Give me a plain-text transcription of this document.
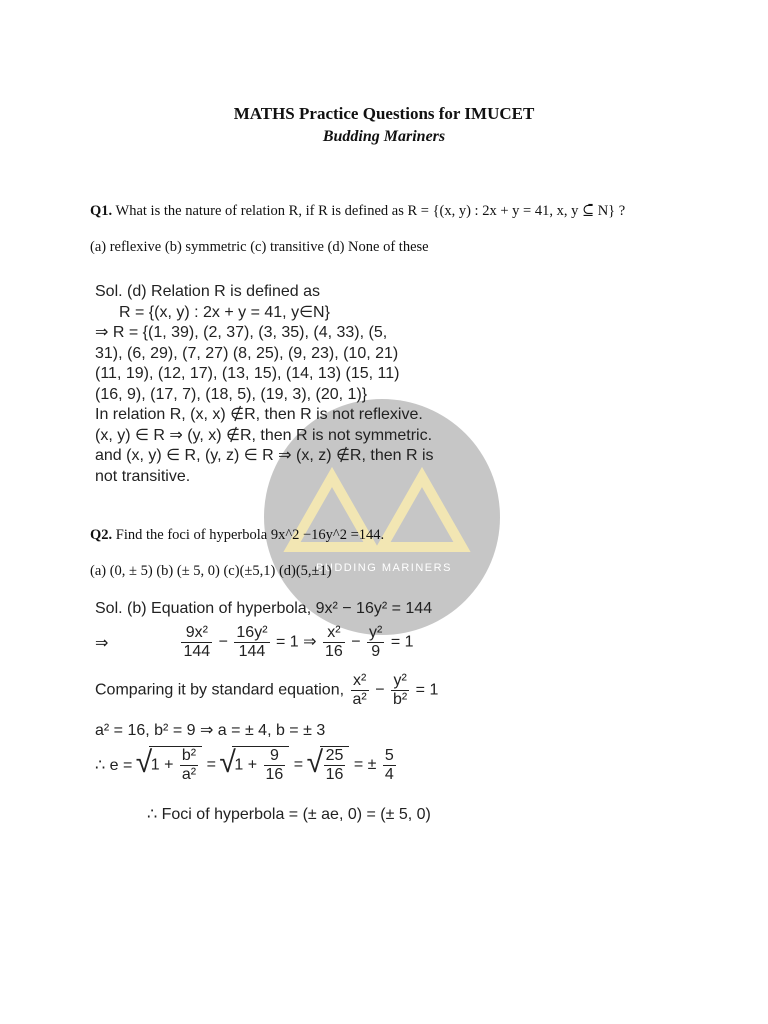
BUDDING MARINERS
MATHS Practice Questions for IMUCET
Budding Mariners
Q1. What is the nature of relation R, if R is defined as R = {(x, y) : 2x + y = 41, x, y ⊆̄ N} ?
(a) reflexive (b) symmetric (c) transitive (d) None of these
Sol. (d) Relation R is defined as
R = {(x, y) : 2x + y = 41, y∈N}
⇒ R = {(1, 39), (2, 37), (3, 35), (4, 33), (5,
31), (6, 29), (7, 27) (8, 25), (9, 23), (10, 21)
(11, 19), (12, 17), (13, 15), (14, 13) (15, 11)
(16, 9), (17, 7), (18, 5), (19, 3), (20, 1)}
In relation R, (x, x) ∉R, then R is not reflexive.
(x, y) ∈ R ⇒ (y, x) ∉R, then R is not symmetric.
and (x, y) ∈ R, (y, z) ∈ R ⇒ (x, z) ∉R, then R is
not transitive.
Q2. Find the foci of hyperbola 9x^2 −16y^2 =144.
(a) (0, ± 5) (b) (± 5, 0) (c)(±5,1) (d)(5,±1)
Sol. (b) Equation of hyperbola, 9x² − 16y² = 144
⇒	$\frac{\text{9x²}}{144} - \frac{\text{16y²}}{144} = 1$ ⇒ $\frac{\text{x²}}{16} - \frac{\text{y²}}{9} = 1$
Comparing it by standard equation, $\frac{\text{x²}}{\text{a²}} - \frac{\text{y²}}{\text{b²}} = 1$
a² = 16, b² = 9 ⇒ a = ± 4, b = ± 3
∴ e = √ $1 + \frac{\text{b²}}{\text{a²}}$ = √ $1 + \frac{9}{16}$ = √ $\frac{25}{16}$ = ± $\frac{5}{4}$
∴ Foci of hyperbola = (± ae, 0) = (± 5, 0)
